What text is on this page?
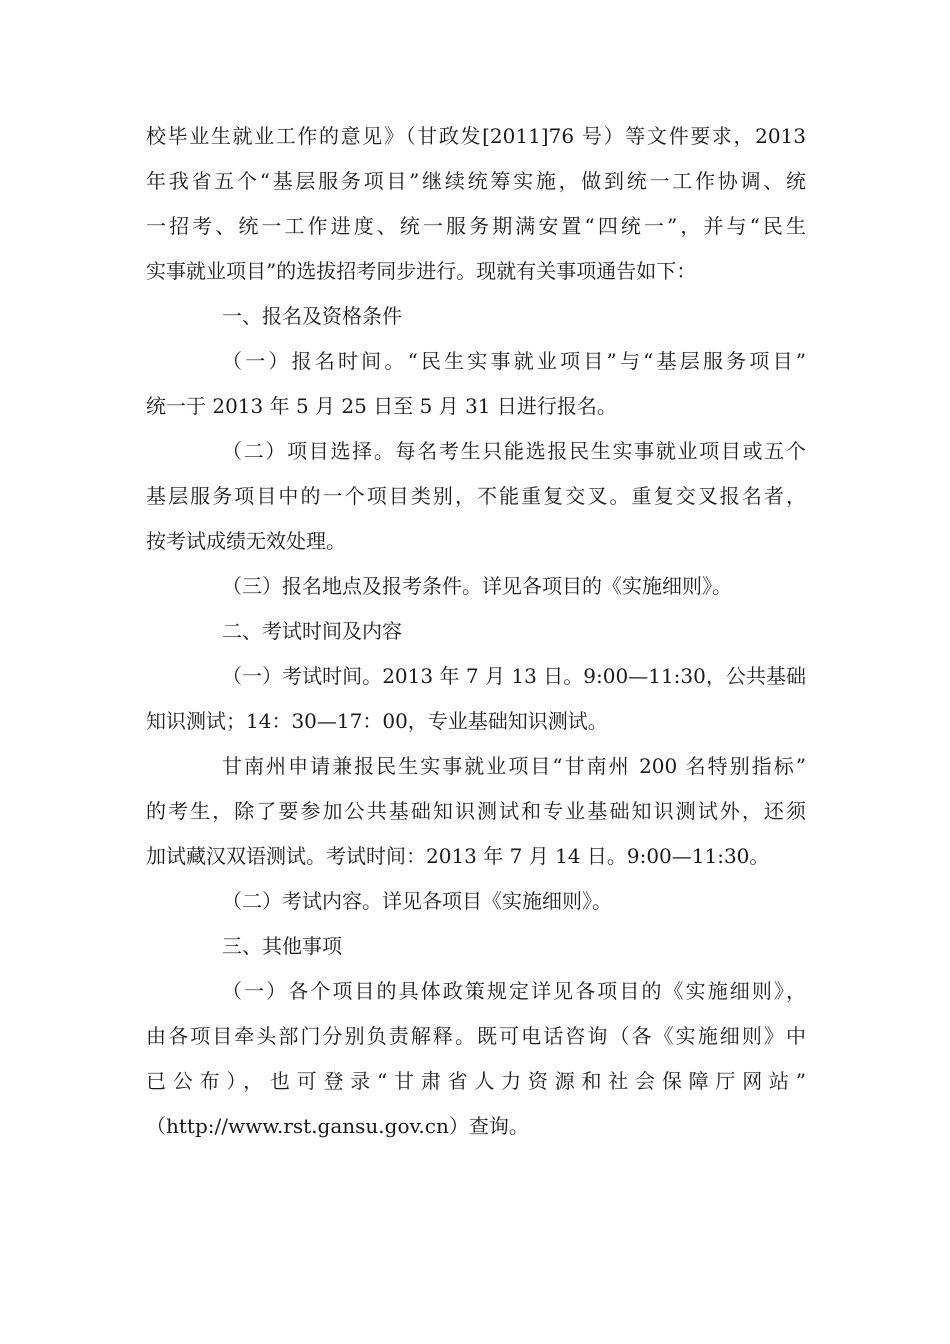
校毕业生就业工作的意见》（甘政发[2011]76 号）等文件要求，2013
年我省五个“基层服务项目”继续统筹实施，做到统一工作协调、统
一招考、统一工作进度、统一服务期满安置“四统一”，并与“民生
实事就业项目”的选拔招考同步进行。现就有关事项通告如下：
一、报名及资格条件
（一）报名时间。“民生实事就业项目”与“基层服务项目”
统一于 2013 年 5 月 25 日至 5 月 31 日进行报名。
（二）项目选择。每名考生只能选报民生实事就业项目或五个
基层服务项目中的一个项目类别，不能重复交叉。重复交叉报名者，
按考试成绩无效处理。
（三）报名地点及报考条件。详见各项目的《实施细则》。
二、考试时间及内容
（一）考试时间。2013 年 7 月 13 日。9:00—11:30，公共基础
知识测试；14：30—17：00，专业基础知识测试。
甘南州申请兼报民生实事就业项目“甘南州 200 名特别指标”
的考生，除了要参加公共基础知识测试和专业基础知识测试外，还须
加试藏汉双语测试。考试时间：2013 年 7 月 14 日。9:00—11:30。
（二）考试内容。详见各项目《实施细则》。
三、其他事项
（一）各个项目的具体政策规定详见各项目的《实施细则》，
由各项目牵头部门分别负责解释。既可电话咨询（各《实施细则》中
已公布），也可登录“甘肃省人力资源和社会保障厅网站”
（http://www.rst.gansu.gov.cn）查询。
